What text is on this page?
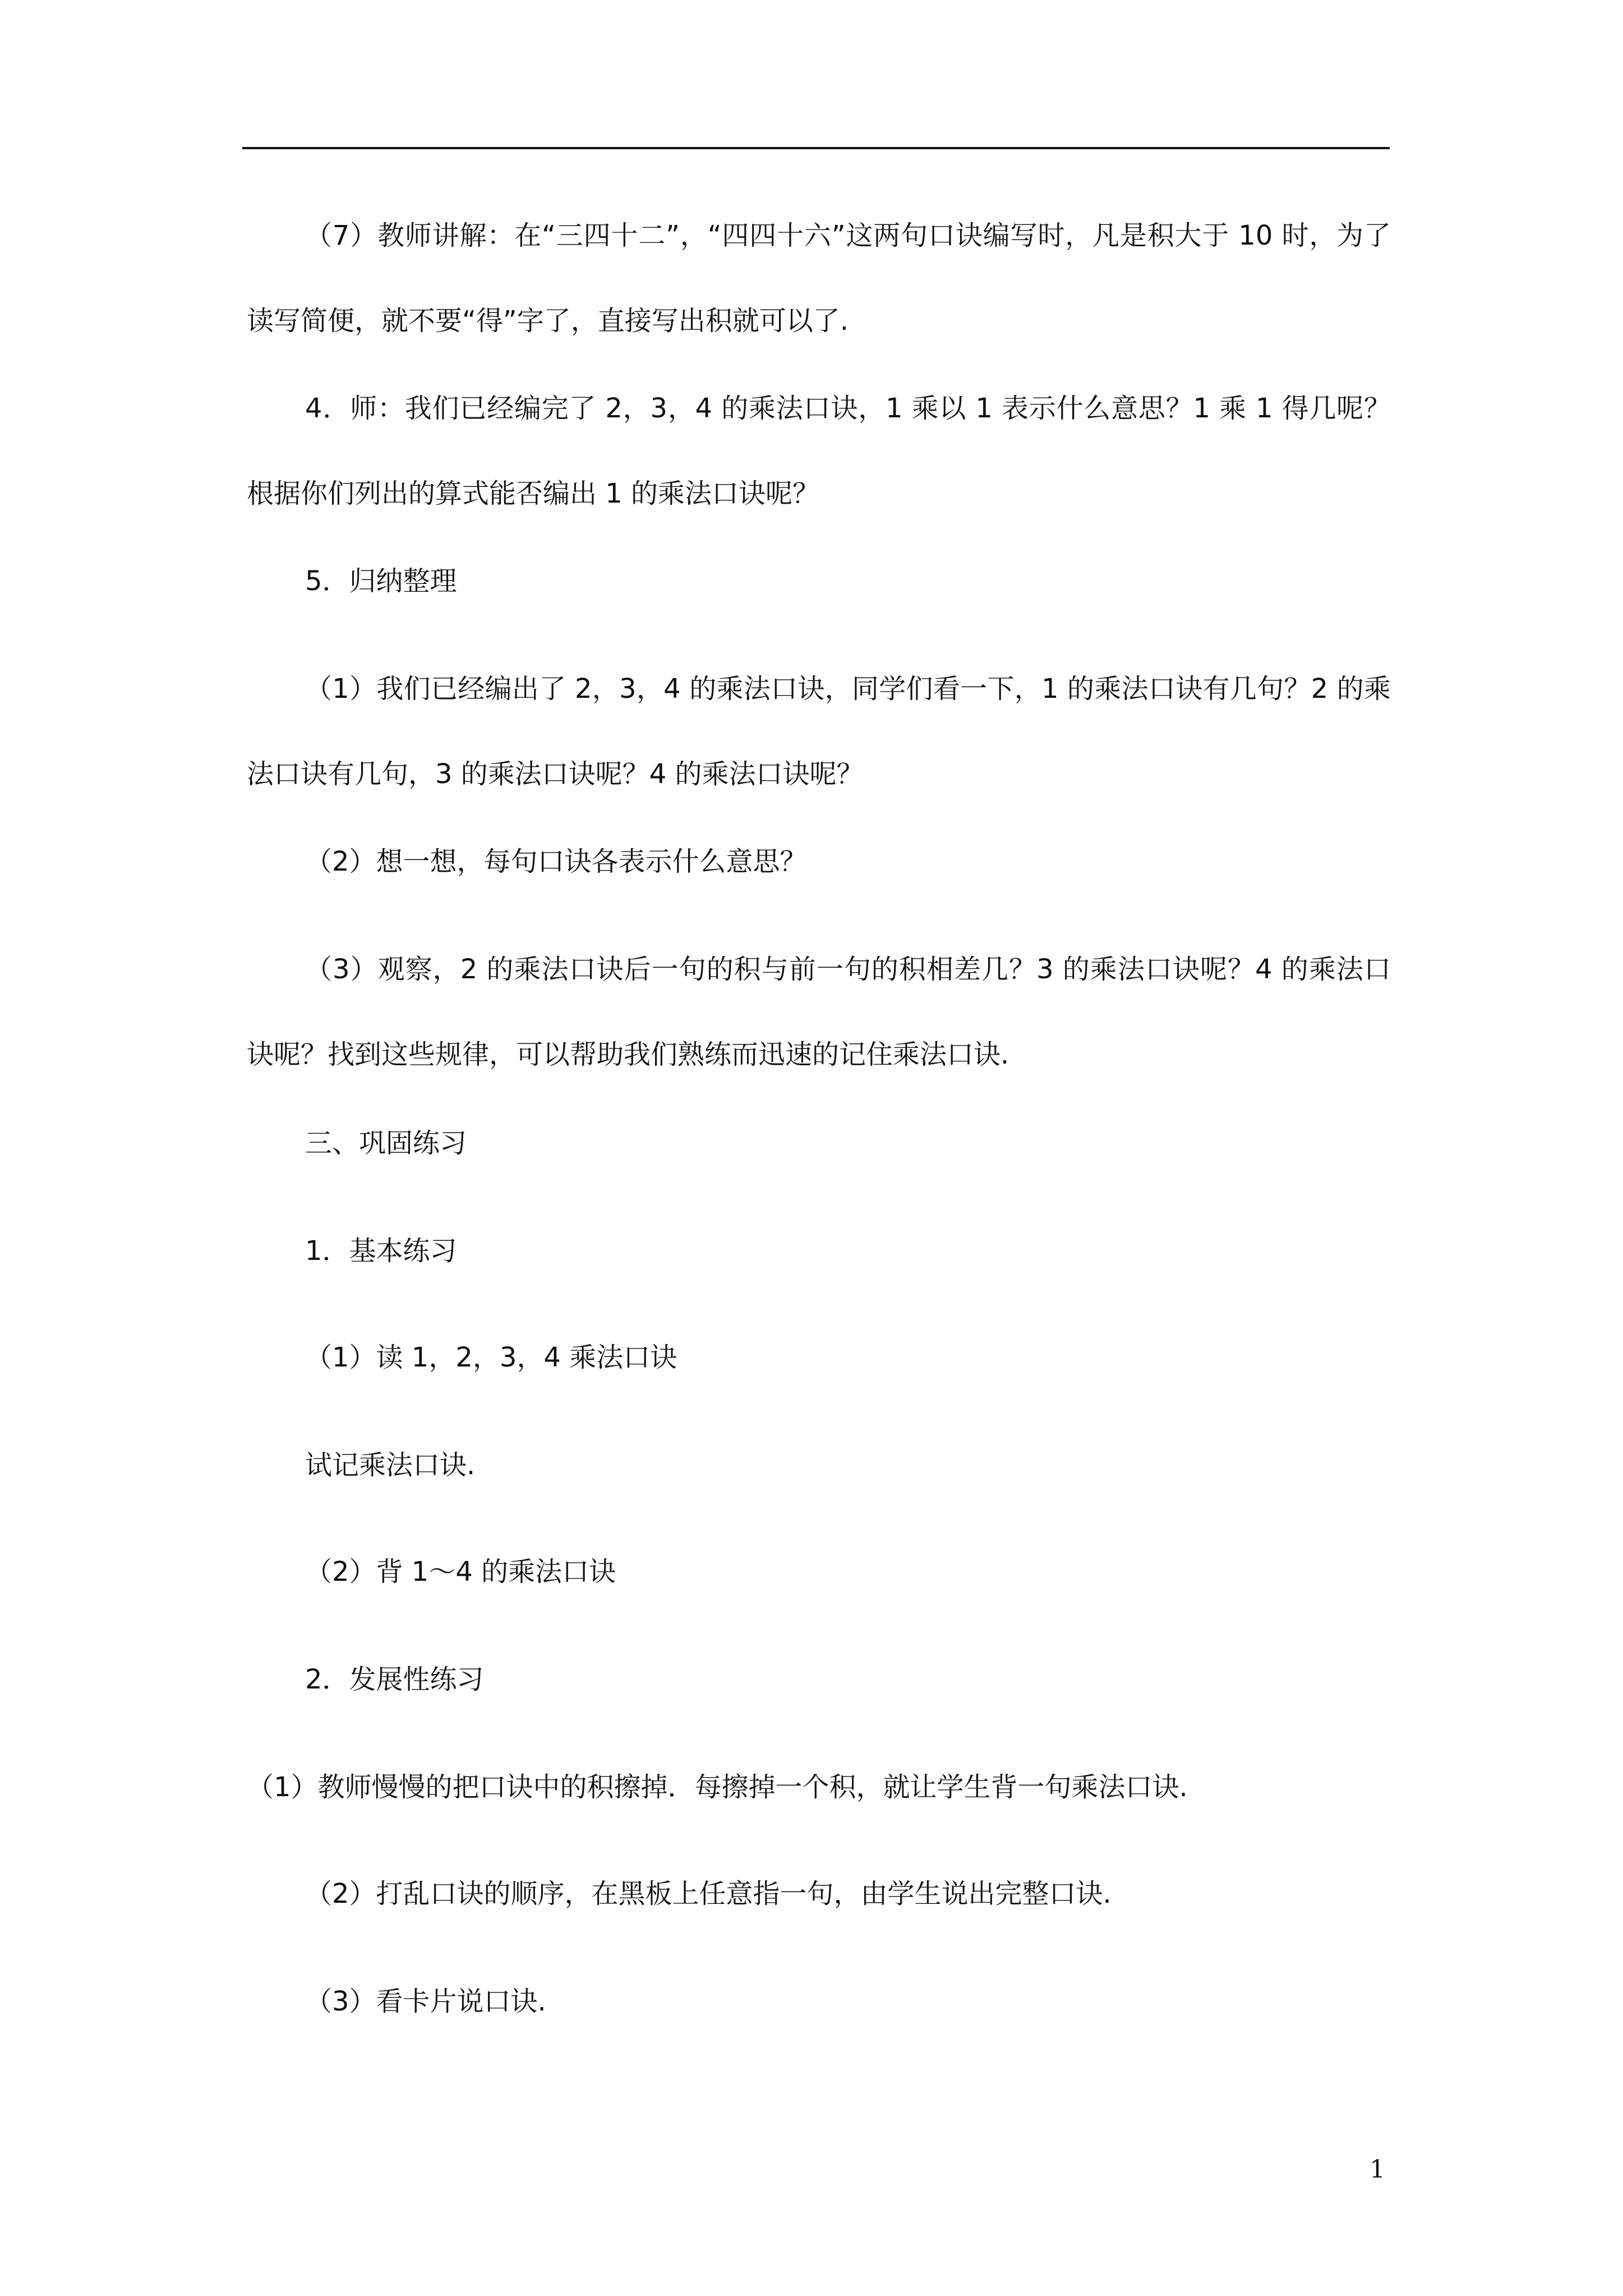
（7）教师讲解：在“三四十二”，“四四十六”这两句口诀编写时，凡是积大于 10 时，为了读写简便，就不要“得”字了，直接写出积就可以了.

4．师：我们已经编完了 2，3，4 的乘法口诀，1 乘以 1 表示什么意思？1 乘 1 得几呢？根据你们列出的算式能否编出 1 的乘法口诀呢？

5．归纳整理

（1）我们已经编出了 2，3，4 的乘法口诀，同学们看一下，1 的乘法口诀有几句？2 的乘法口诀有几句，3 的乘法口诀呢？4 的乘法口诀呢？

（2）想一想，每句口诀各表示什么意思？

（3）观察，2 的乘法口诀后一句的积与前一句的积相差几？3 的乘法口诀呢？4 的乘法口诀呢？找到这些规律，可以帮助我们熟练而迅速的记住乘法口诀.

三、巩固练习

1．基本练习

（1）读 1，2，3，4 乘法口诀

试记乘法口诀.

（2）背 1～4 的乘法口诀

2．发展性练习

（1）教师慢慢的把口诀中的积擦掉．每擦掉一个积，就让学生背一句乘法口诀.

（2）打乱口诀的顺序，在黑板上任意指一句，由学生说出完整口诀.

（3）看卡片说口诀.

1
